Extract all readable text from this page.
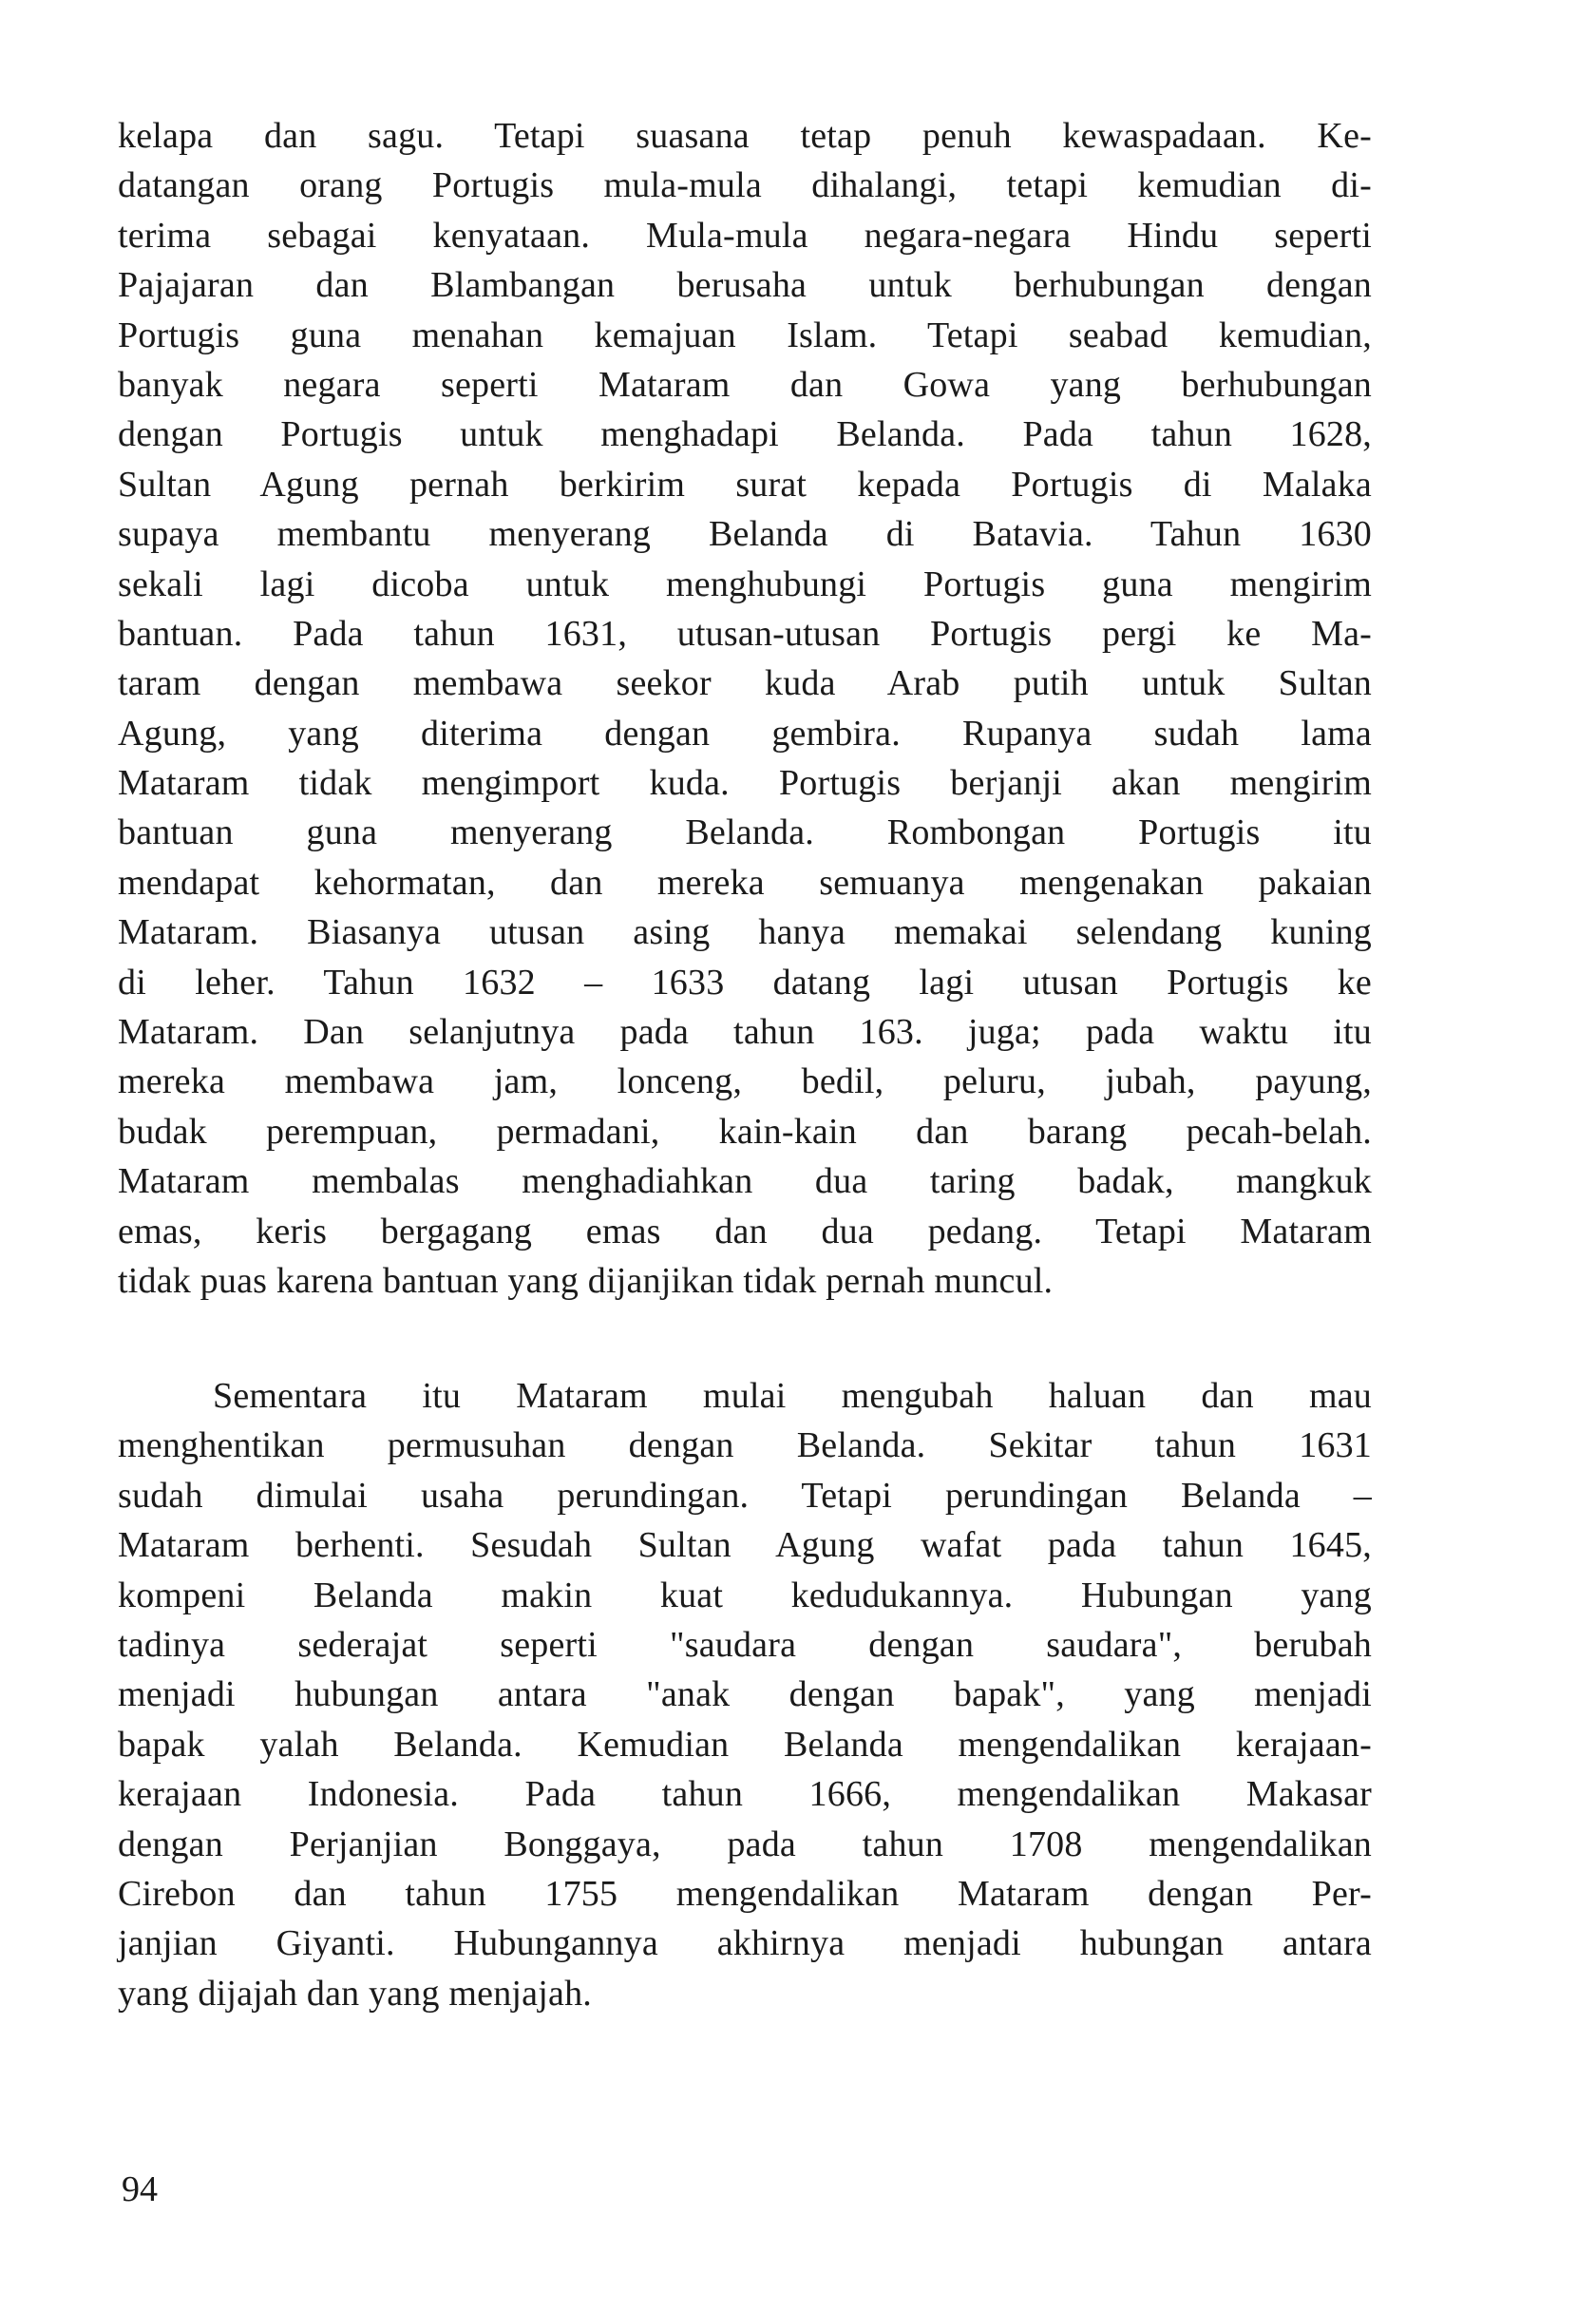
kelapa dan sagu. Tetapi suasana tetap penuh kewaspadaan. Ke-
datangan orang Portugis mula-mula dihalangi, tetapi kemudian di-
terima sebagai kenyataan. Mula-mula negara-negara Hindu seperti
Pajajaran dan Blambangan berusaha untuk berhubungan dengan
Portugis guna menahan kemajuan Islam. Tetapi seabad kemudian,
banyak negara seperti Mataram dan Gowa yang berhubungan
dengan Portugis untuk menghadapi Belanda. Pada tahun 1628,
Sultan Agung pernah berkirim surat kepada Portugis di Malaka
supaya membantu menyerang Belanda di Batavia. Tahun 1630
sekali lagi dicoba untuk menghubungi Portugis guna mengirim
bantuan. Pada tahun 1631, utusan-utusan Portugis pergi ke Ma-
taram dengan membawa seekor kuda Arab putih untuk Sultan
Agung, yang diterima dengan gembira. Rupanya sudah lama
Mataram tidak mengimport kuda. Portugis berjanji akan mengirim
bantuan guna menyerang Belanda. Rombongan Portugis itu
mendapat kehormatan, dan mereka semuanya mengenakan pakaian
Mataram. Biasanya utusan asing hanya memakai selendang kuning
di leher. Tahun 1632 – 1633 datang lagi utusan Portugis ke
Mataram. Dan selanjutnya pada tahun 163. juga; pada waktu itu
mereka membawa jam, lonceng, bedil, peluru, jubah, payung,
budak perempuan, permadani, kain-kain dan barang pecah-belah.
Mataram membalas menghadiahkan dua taring badak, mangkuk
emas, keris bergagang emas dan dua pedang. Tetapi Mataram
tidak puas karena bantuan yang dijanjikan tidak pernah muncul.
Sementara itu Mataram mulai mengubah haluan dan mau
menghentikan permusuhan dengan Belanda. Sekitar tahun 1631
sudah dimulai usaha perundingan. Tetapi perundingan Belanda –
Mataram berhenti. Sesudah Sultan Agung wafat pada tahun 1645,
kompeni Belanda makin kuat kedudukannya. Hubungan yang
tadinya sederajat seperti "saudara dengan saudara", berubah
menjadi hubungan antara "anak dengan bapak", yang menjadi
bapak yalah Belanda. Kemudian Belanda mengendalikan kerajaan-
kerajaan Indonesia. Pada tahun 1666, mengendalikan Makasar
dengan Perjanjian Bonggaya, pada tahun 1708 mengendalikan
Cirebon dan tahun 1755 mengendalikan Mataram dengan Per-
janjian Giyanti. Hubungannya akhirnya menjadi hubungan antara
yang dijajah dan yang menjajah.
94
